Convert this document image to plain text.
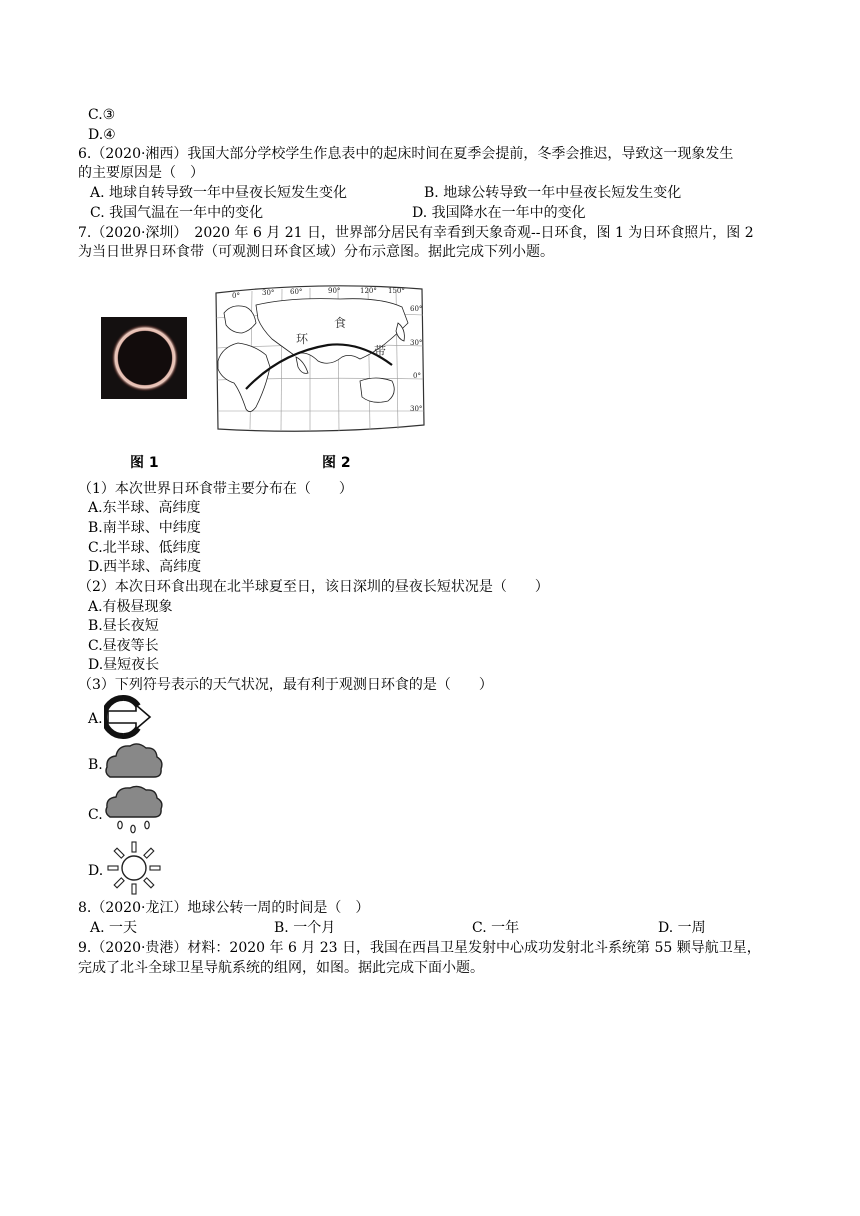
C.③
D.④
6.（2020·湘西）我国大部分学校学生作息表中的起床时间在夏季会提前，冬季会推迟，导致这一现象发生
的主要原因是（　）
A. 地球自转导致一年中昼夜长短发生变化	B. 地球公转导致一年中昼夜长短发生变化
C. 我国气温在一年中的变化	D. 我国降水在一年中的变化
7.（2020·深圳）　2020 年 6 月 21 日，世界部分居民有幸看到天象奇观--日环食，图 1 为日环食照片，图 2
为当日世界日环食带（可观测日环食区域）分布示意图。据此完成下列小题。
0°	30° 60°	90°	120° 150°
60°
30°
0°
30°
环
食
带
图 1	图 2
（1）本次世界日环食带主要分布在（　　）
A.东半球、高纬度
B.南半球、中纬度
C.北半球、低纬度
D.西半球、高纬度
（2）本次日环食出现在北半球夏至日，该日深圳的昼夜长短状况是（　　）
A.有极昼现象
B.昼长夜短
C.昼夜等长
D.昼短夜长
（3）下列符号表示的天气状况，最有利于观测日环食的是（　　）
A.
B.
C.
D.
8.（2020·龙江）地球公转一周的时间是（　）
A. 一天	B. 一个月	C. 一年	D. 一周
9.（2020·贵港）材料：2020 年 6 月 23 日，我国在西昌卫星发射中心成功发射北斗系统第 55 颗导航卫星，
完成了北斗全球卫星导航系统的组网，如图。据此完成下面小题。
